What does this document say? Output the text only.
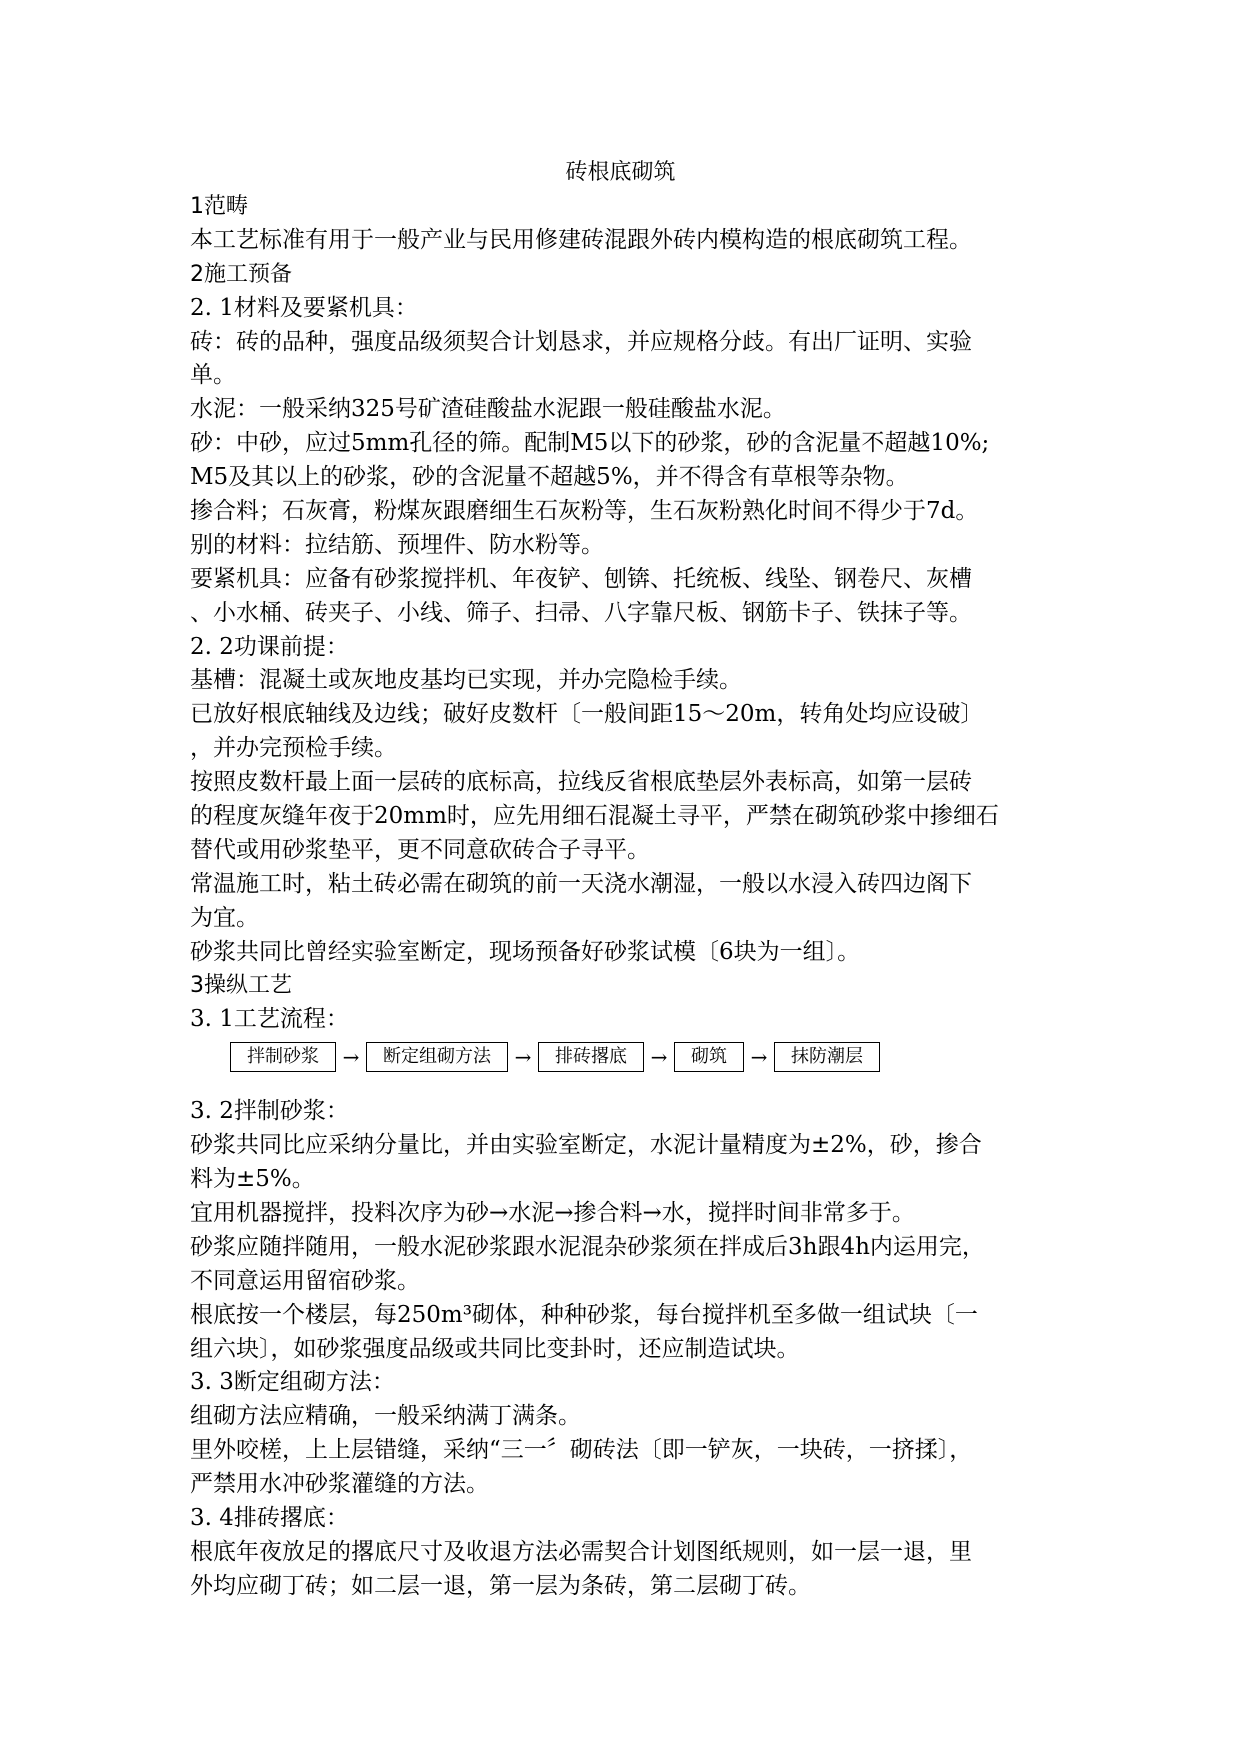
砖根底砌筑
1范畴
本工艺标准有用于一般产业与民用修建砖混跟外砖内模构造的根底砌筑工程。
2施工预备
2. 1材料及要紧机具：
砖：砖的品种，强度品级须契合计划恳求，并应规格分歧。有出厂证明、实验
单。
水泥：一般采纳325号矿渣硅酸盐水泥跟一般硅酸盐水泥。
砂：中砂，应过5mm孔径的筛。配制M5以下的砂浆，砂的含泥量不超越10%;
M5及其以上的砂浆，砂的含泥量不超越5%，并不得含有草根等杂物。
掺合料；石灰膏，粉煤灰跟磨细生石灰粉等，生石灰粉熟化时间不得少于7d。
别的材料：拉结筋、预埋件、防水粉等。
要紧机具：应备有砂浆搅拌机、年夜铲、刨锛、托统板、线坠、钢卷尺、灰槽
、小水桶、砖夹子、小线、筛子、扫帚、八字靠尺板、钢筋卡子、铁抹子等。
2. 2功课前提：
基槽：混凝土或灰地皮基均已实现，并办完隐检手续。
已放好根底轴线及边线；破好皮数杆〔一般间距15～20m，转角处均应设破〕
，并办完预检手续。
按照皮数杆最上面一层砖的底标高，拉线反省根底垫层外表标高，如第一层砖
的程度灰缝年夜于20mm时，应先用细石混凝土寻平，严禁在砌筑砂浆中掺细石
替代或用砂浆垫平，更不同意砍砖合子寻平。
常温施工时，粘土砖必需在砌筑的前一天浇水潮湿，一般以水浸入砖四边阁下
为宜。
砂浆共同比曾经实验室断定，现场预备好砂浆试模〔6块为一组〕。
3操纵工艺
3. 1工艺流程：
拌制砂浆	→	断定组砌方法	→	排砖撂底	→	砌筑	→	抹防潮层
3. 2拌制砂浆：
砂浆共同比应采纳分量比，并由实验室断定，水泥计量精度为±2%，砂，掺合
料为±5%。
宜用机器搅拌，投料次序为砂→水泥→掺合料→水，搅拌时间非常多于。
砂浆应随拌随用，一般水泥砂浆跟水泥混杂砂浆须在拌成后3h跟4h内运用完，
不同意运用留宿砂浆。
根底按一个楼层，每250m³砌体，种种砂浆，每台搅拌机至多做一组试块〔一
组六块〕，如砂浆强度品级或共同比变卦时，还应制造试块。
3. 3断定组砌方法：
组砌方法应精确，一般采纳满丁满条。
里外咬槎，上上层错缝，采纳“三一〞砌砖法〔即一铲灰，一块砖，一挤揉〕，
严禁用水冲砂浆灌缝的方法。
3. 4排砖撂底：
根底年夜放足的撂底尺寸及收退方法必需契合计划图纸规则，如一层一退，里
外均应砌丁砖；如二层一退，第一层为条砖，第二层砌丁砖。
